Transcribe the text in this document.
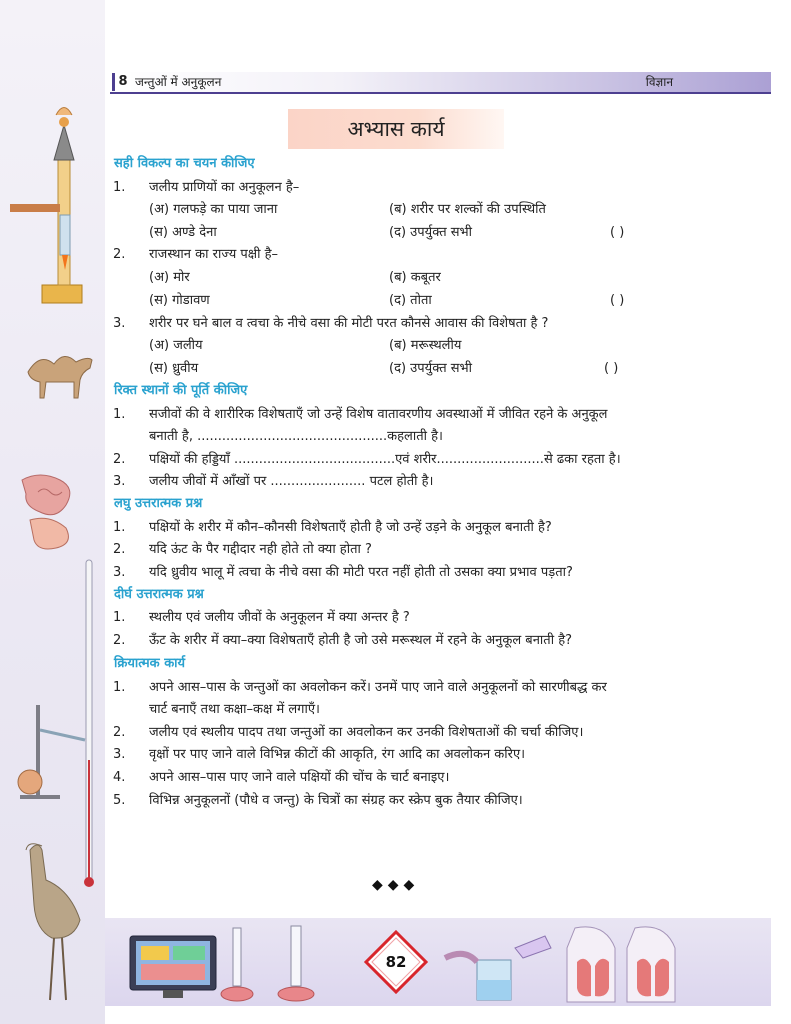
8 जन्तुओं में अनुकूलन	विज्ञान
अभ्यास कार्य
सही विकल्प का चयन कीजिए
1. जलीय प्राणियों का अनुकूलन है–
(अ) गलफड़े का पाया जाना	(ब) शरीर पर शल्कों की उपस्थिति
(स) अण्डे देना	(द) उपर्युक्त सभी	( )
2. राजस्थान का राज्य पक्षी है–
(अ) मोर	(ब) कबूतर
(स) गोडावण	(द) तोता	( )
3. शरीर पर घने बाल व त्वचा के नीचे वसा की मोटी परत कौनसे आवास की विशेषता है ?
(अ) जलीय	(ब) मरूस्थलीय
(स) ध्रुवीय	(द) उपर्युक्त सभी	( )
रिक्त स्थानों की पूर्ति कीजिए
1. सजीवों की वे शारीरिक विशेषताएँ जो उन्हें विशेष वातावरणीय अवस्थाओं में जीवित रहने के अनुकूल
बनाती है, ..............................................कहलाती है।
2. पक्षियों की हड्डियाँ .......................................एवं शरीर..........................से ढका रहता है।
3. जलीय जीवों में आँखों पर ....................... पटल होती है।
लघु उत्तरात्मक प्रश्न
1. पक्षियों के शरीर में कौन–कौनसी विशेषताएँ होती है जो उन्हें उड़ने के अनुकूल बनाती है?
2. यदि ऊंट के पैर गद्दीदार नही होते तो क्या होता ?
3. यदि ध्रुवीय भालू में त्वचा के नीचे वसा की मोटी परत नहीं होती तो उसका क्या प्रभाव पड़ता?
दीर्घ उत्तरात्मक प्रश्न
1. स्थलीय एवं जलीय जीवों के अनुकूलन में क्या अन्तर है ?
2. ऊँट के शरीर में क्या–क्या विशेषताएँ होती है जो उसे मरूस्थल में रहने के अनुकूल बनाती है?
क्रियात्मक कार्य
1. अपने आस–पास के जन्तुओं का अवलोकन करें। उनमें पाए जाने वाले अनुकूलनों को सारणीबद्ध कर
चार्ट बनाएँ तथा कक्षा–कक्ष में लगाएँ।
2. जलीय एवं स्थलीय पादप तथा जन्तुओं का अवलोकन कर उनकी विशेषताओं की चर्चा कीजिए।
3. वृक्षों पर पाए जाने वाले विभिन्न कीटों की आकृति, रंग आदि का अवलोकन करिए।
4. अपने आस–पास पाए जाने वाले पक्षियों की चोंच के चार्ट बनाइए।
5. विभिन्न अनुकूलनों (पौधे व जन्तु) के चित्रों का संग्रह कर स्क्रेप बुक तैयार कीजिए।
◆◆◆
82
